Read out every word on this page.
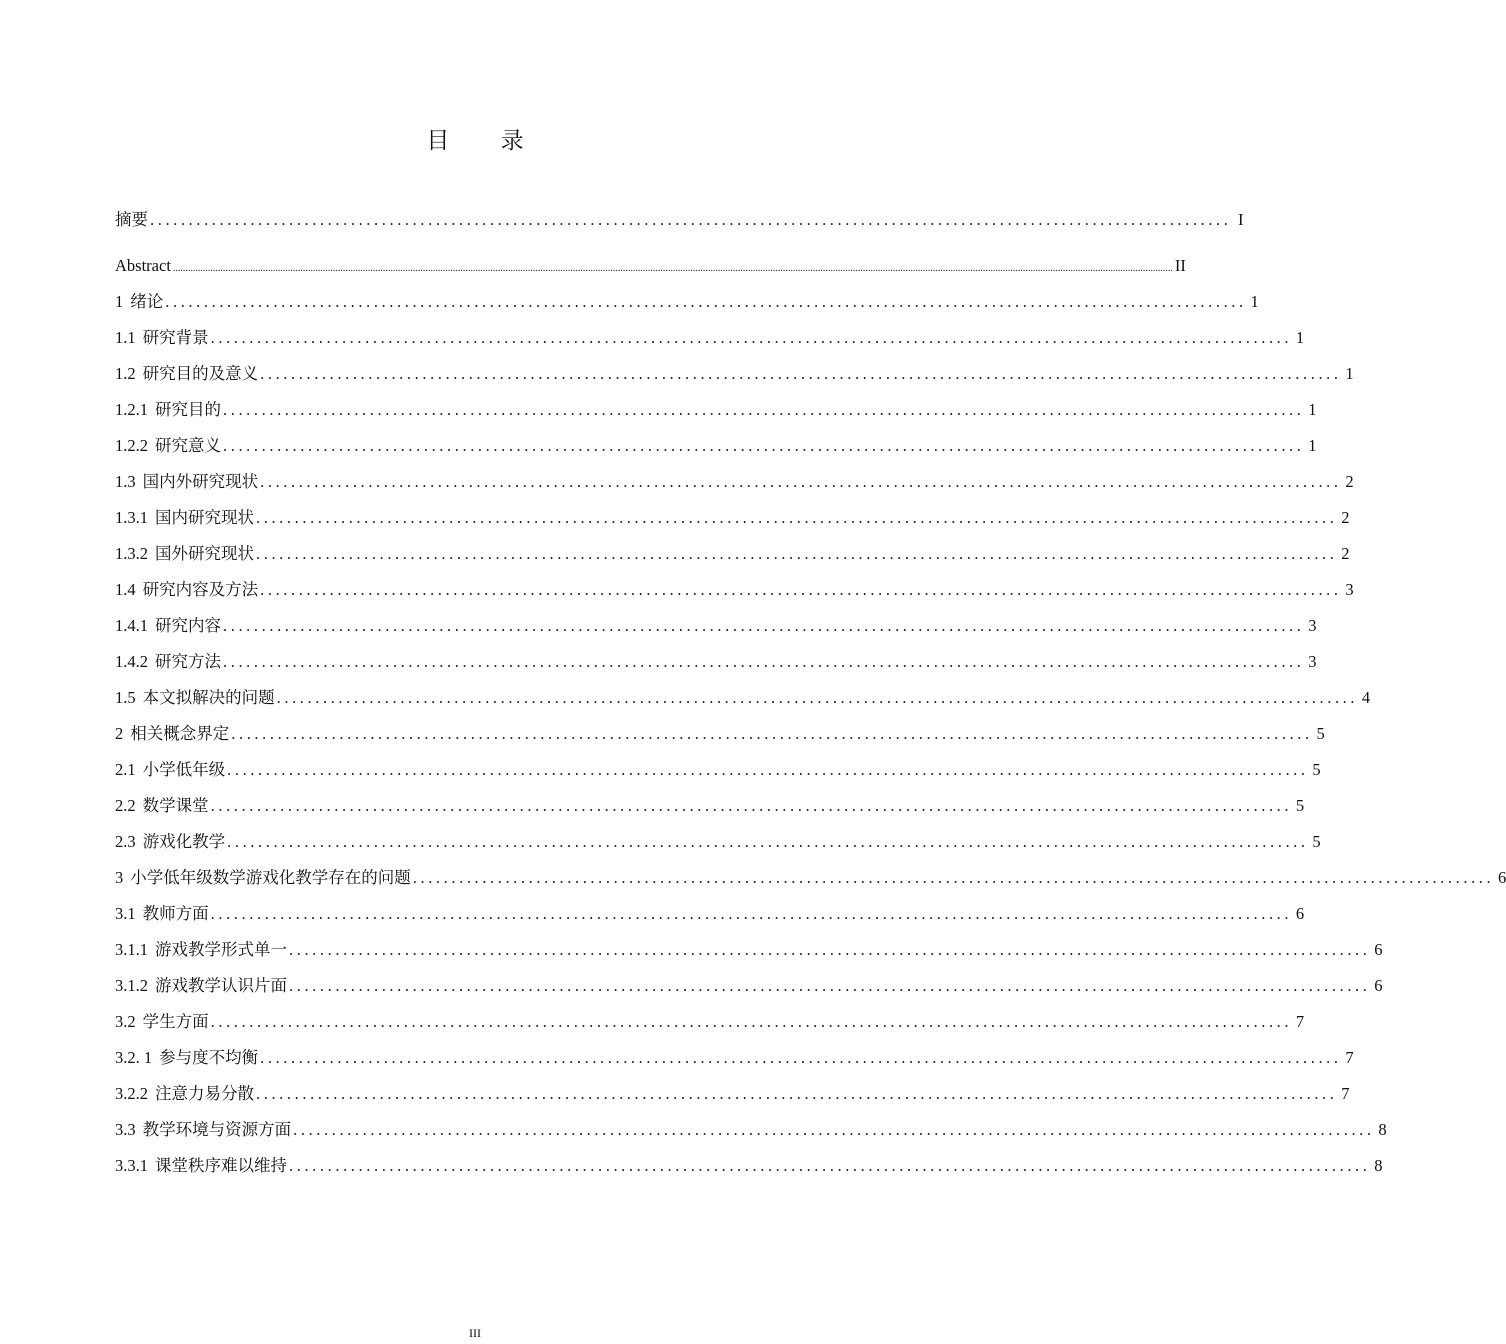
目 录
摘要 ............................................................................................................................................ I
Abstract ................................................................................................................................................................................................................................................................................................................................................................................................................ II
1 绪论 ............................................................................................................................................ 1
1.1 研究背景 ............................................................................................................................................ 1
1.2 研究目的及意义 ............................................................................................................................................ 1
1.2.1 研究目的 ............................................................................................................................................ 1
1.2.2 研究意义 ............................................................................................................................................ 1
1.3 国内外研究现状 ............................................................................................................................................ 2
1.3.1 国内研究现状 ............................................................................................................................................ 2
1.3.2 国外研究现状 ............................................................................................................................................ 2
1.4 研究内容及方法 ............................................................................................................................................ 3
1.4.1 研究内容 ............................................................................................................................................ 3
1.4.2 研究方法 ............................................................................................................................................ 3
1.5 本文拟解决的问题 ............................................................................................................................................ 4
2 相关概念界定 ............................................................................................................................................ 5
2.1 小学低年级 ............................................................................................................................................ 5
2.2 数学课堂 ............................................................................................................................................ 5
2.3 游戏化教学 ............................................................................................................................................ 5
3 小学低年级数学游戏化教学存在的问题 ............................................................................................................................................ 6
3.1 教师方面 ............................................................................................................................................ 6
3.1.1 游戏教学形式单一 ............................................................................................................................................ 6
3.1.2 游戏教学认识片面 ............................................................................................................................................ 6
3.2 学生方面 ............................................................................................................................................ 7
3.2. 1 参与度不均衡 ............................................................................................................................................ 7
3.2.2 注意力易分散 ............................................................................................................................................ 7
3.3 教学环境与资源方面 ............................................................................................................................................ 8
3.3.1 课堂秩序难以维持 ............................................................................................................................................ 8
III
